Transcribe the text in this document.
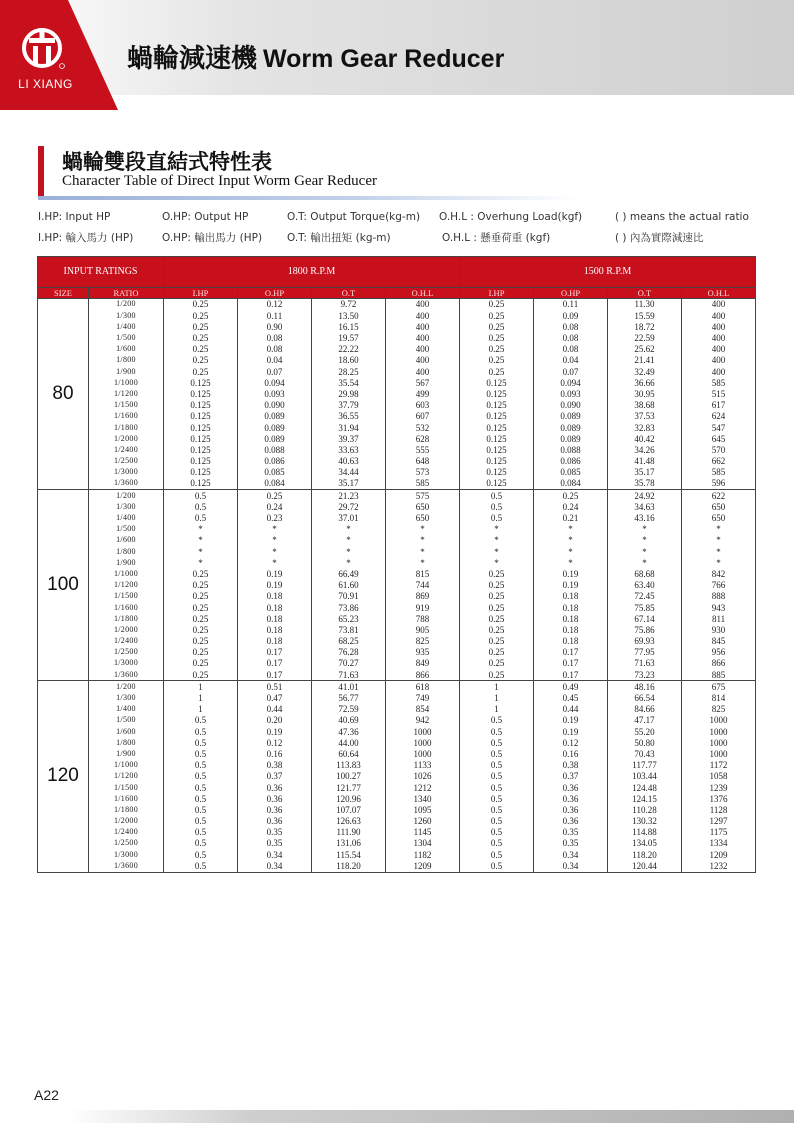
LI XIANG
蝸輪減速機 Worm Gear Reducer
蝸輪雙段直結式特性表
Character Table of Direct Input Worm Gear Reducer
I.HP: Input HP	O.HP: Output HP	O.T: Output Torque(kg-m) O.H.L : Overhung Load(kgf)	( ) means the actual ratio
I.HP: 輸入馬力 (HP)	O.HP: 輸出馬力 (HP) O.T: 輸出扭矩 (kg-m)	O.H.L : 懸垂荷重 (kgf)	( ) 內為實際減速比
INPUT RATINGS		1800 R.P.M				1500 R.P.M			
SIZE	RATIO	I.HP	O.HP	O.T	O.H.L	I.HP	O.HP	O.T	O.H.L
80	1/200	0.25	0.12	9.72	400	0.25	0.11	11.30	400
	1/300	0.25	0.11	13.50	400	0.25	0.09	15.59	400
	1/400	0.25	0.90	16.15	400	0.25	0.08	18.72	400
	1/500	0.25	0.08	19.57	400	0.25	0.08	22.59	400
	1/600	0.25	0.08	22.22	400	0.25	0.08	25.62	400
	1/800	0.25	0.04	18.60	400	0.25	0.04	21.41	400
	1/900	0.25	0.07	28.25	400	0.25	0.07	32.49	400
	1/1000	0.125	0.094	35.54	567	0.125	0.094	36.66	585
	1/1200	0.125	0.093	29.98	499	0.125	0.093	30.95	515
	1/1500	0.125	0.090	37.79	603	0.125	0.090	38.68	617
	1/1600	0.125	0.089	36.55	607	0.125	0.089	37.53	624
	1/1800	0.125	0.089	31.94	532	0.125	0.089	32.83	547
	1/2000	0.125	0.089	39.37	628	0.125	0.089	40.42	645
	1/2400	0.125	0.088	33.63	555	0.125	0.088	34.26	570
	1/2500	0.125	0.086	40.63	648	0.125	0.086	41.48	662
	1/3000	0.125	0.085	34.44	573	0.125	0.085	35.17	585
	1/3600	0.125	0.084	35.17	585	0.125	0.084	35.78	596
100	1/200	0.5	0.25	21.23	575	0.5	0.25	24.92	622
	1/300	0.5	0.24	29.72	650	0.5	0.24	34.63	650
	1/400	0.5	0.23	37.01	650	0.5	0.21	43.16	650
	1/500	*	*	*	*	*	*	*	*
	1/600	*	*	*	*	*	*	*	*
	1/800	*	*	*	*	*	*	*	*
	1/900	*	*	*	*	*	*	*	*
	1/1000	0.25	0.19	66.49	815	0.25	0.19	68.68	842
	1/1200	0.25	0.19	61.60	744	0.25	0.19	63.40	766
	1/1500	0.25	0.18	70.91	869	0.25	0.18	72.45	888
	1/1600	0.25	0.18	73.86	919	0.25	0.18	75.85	943
	1/1800	0.25	0.18	65.23	788	0.25	0.18	67.14	811
	1/2000	0.25	0.18	73.81	905	0.25	0.18	75.86	930
	1/2400	0.25	0.18	68.25	825	0.25	0.18	69.93	845
	1/2500	0.25	0.17	76.28	935	0.25	0.17	77.95	956
	1/3000	0.25	0.17	70.27	849	0.25	0.17	71.63	866
	1/3600	0.25	0.17	71.63	866	0.25	0.17	73.23	885
120	1/200	1	0.51	41.01	618	1	0.49	48.16	675
	1/300	1	0.47	56.77	749	1	0.45	66.54	814
	1/400	1	0.44	72.59	854	1	0.44	84.66	825
	1/500	0.5	0.20	40.69	942	0.5	0.19	47.17	1000
	1/600	0.5	0.19	47.36	1000	0.5	0.19	55.20	1000
	1/800	0.5	0.12	44.00	1000	0.5	0.12	50.80	1000
	1/900	0.5	0.16	60.64	1000	0.5	0.16	70.43	1000
	1/1000	0.5	0.38	113.83	1133	0.5	0.38	117.77	1172
	1/1200	0.5	0.37	100.27	1026	0.5	0.37	103.44	1058
	1/1500	0.5	0.36	121.77	1212	0.5	0.36	124.48	1239
	1/1600	0.5	0.36	120.96	1340	0.5	0.36	124.15	1376
	1/1800	0.5	0.36	107.07	1095	0.5	0.36	110.28	1128
	1/2000	0.5	0.36	126.63	1260	0.5	0.36	130.32	1297
	1/2400	0.5	0.35	111.90	1145	0.5	0.35	114.88	1175
	1/2500	0.5	0.35	131.06	1304	0.5	0.35	134.05	1334
	1/3000	0.5	0.34	115.54	1182	0.5	0.34	118.20	1209
	1/3600	0.5	0.34	118.20	1209	0.5	0.34	120.44	1232
A22
